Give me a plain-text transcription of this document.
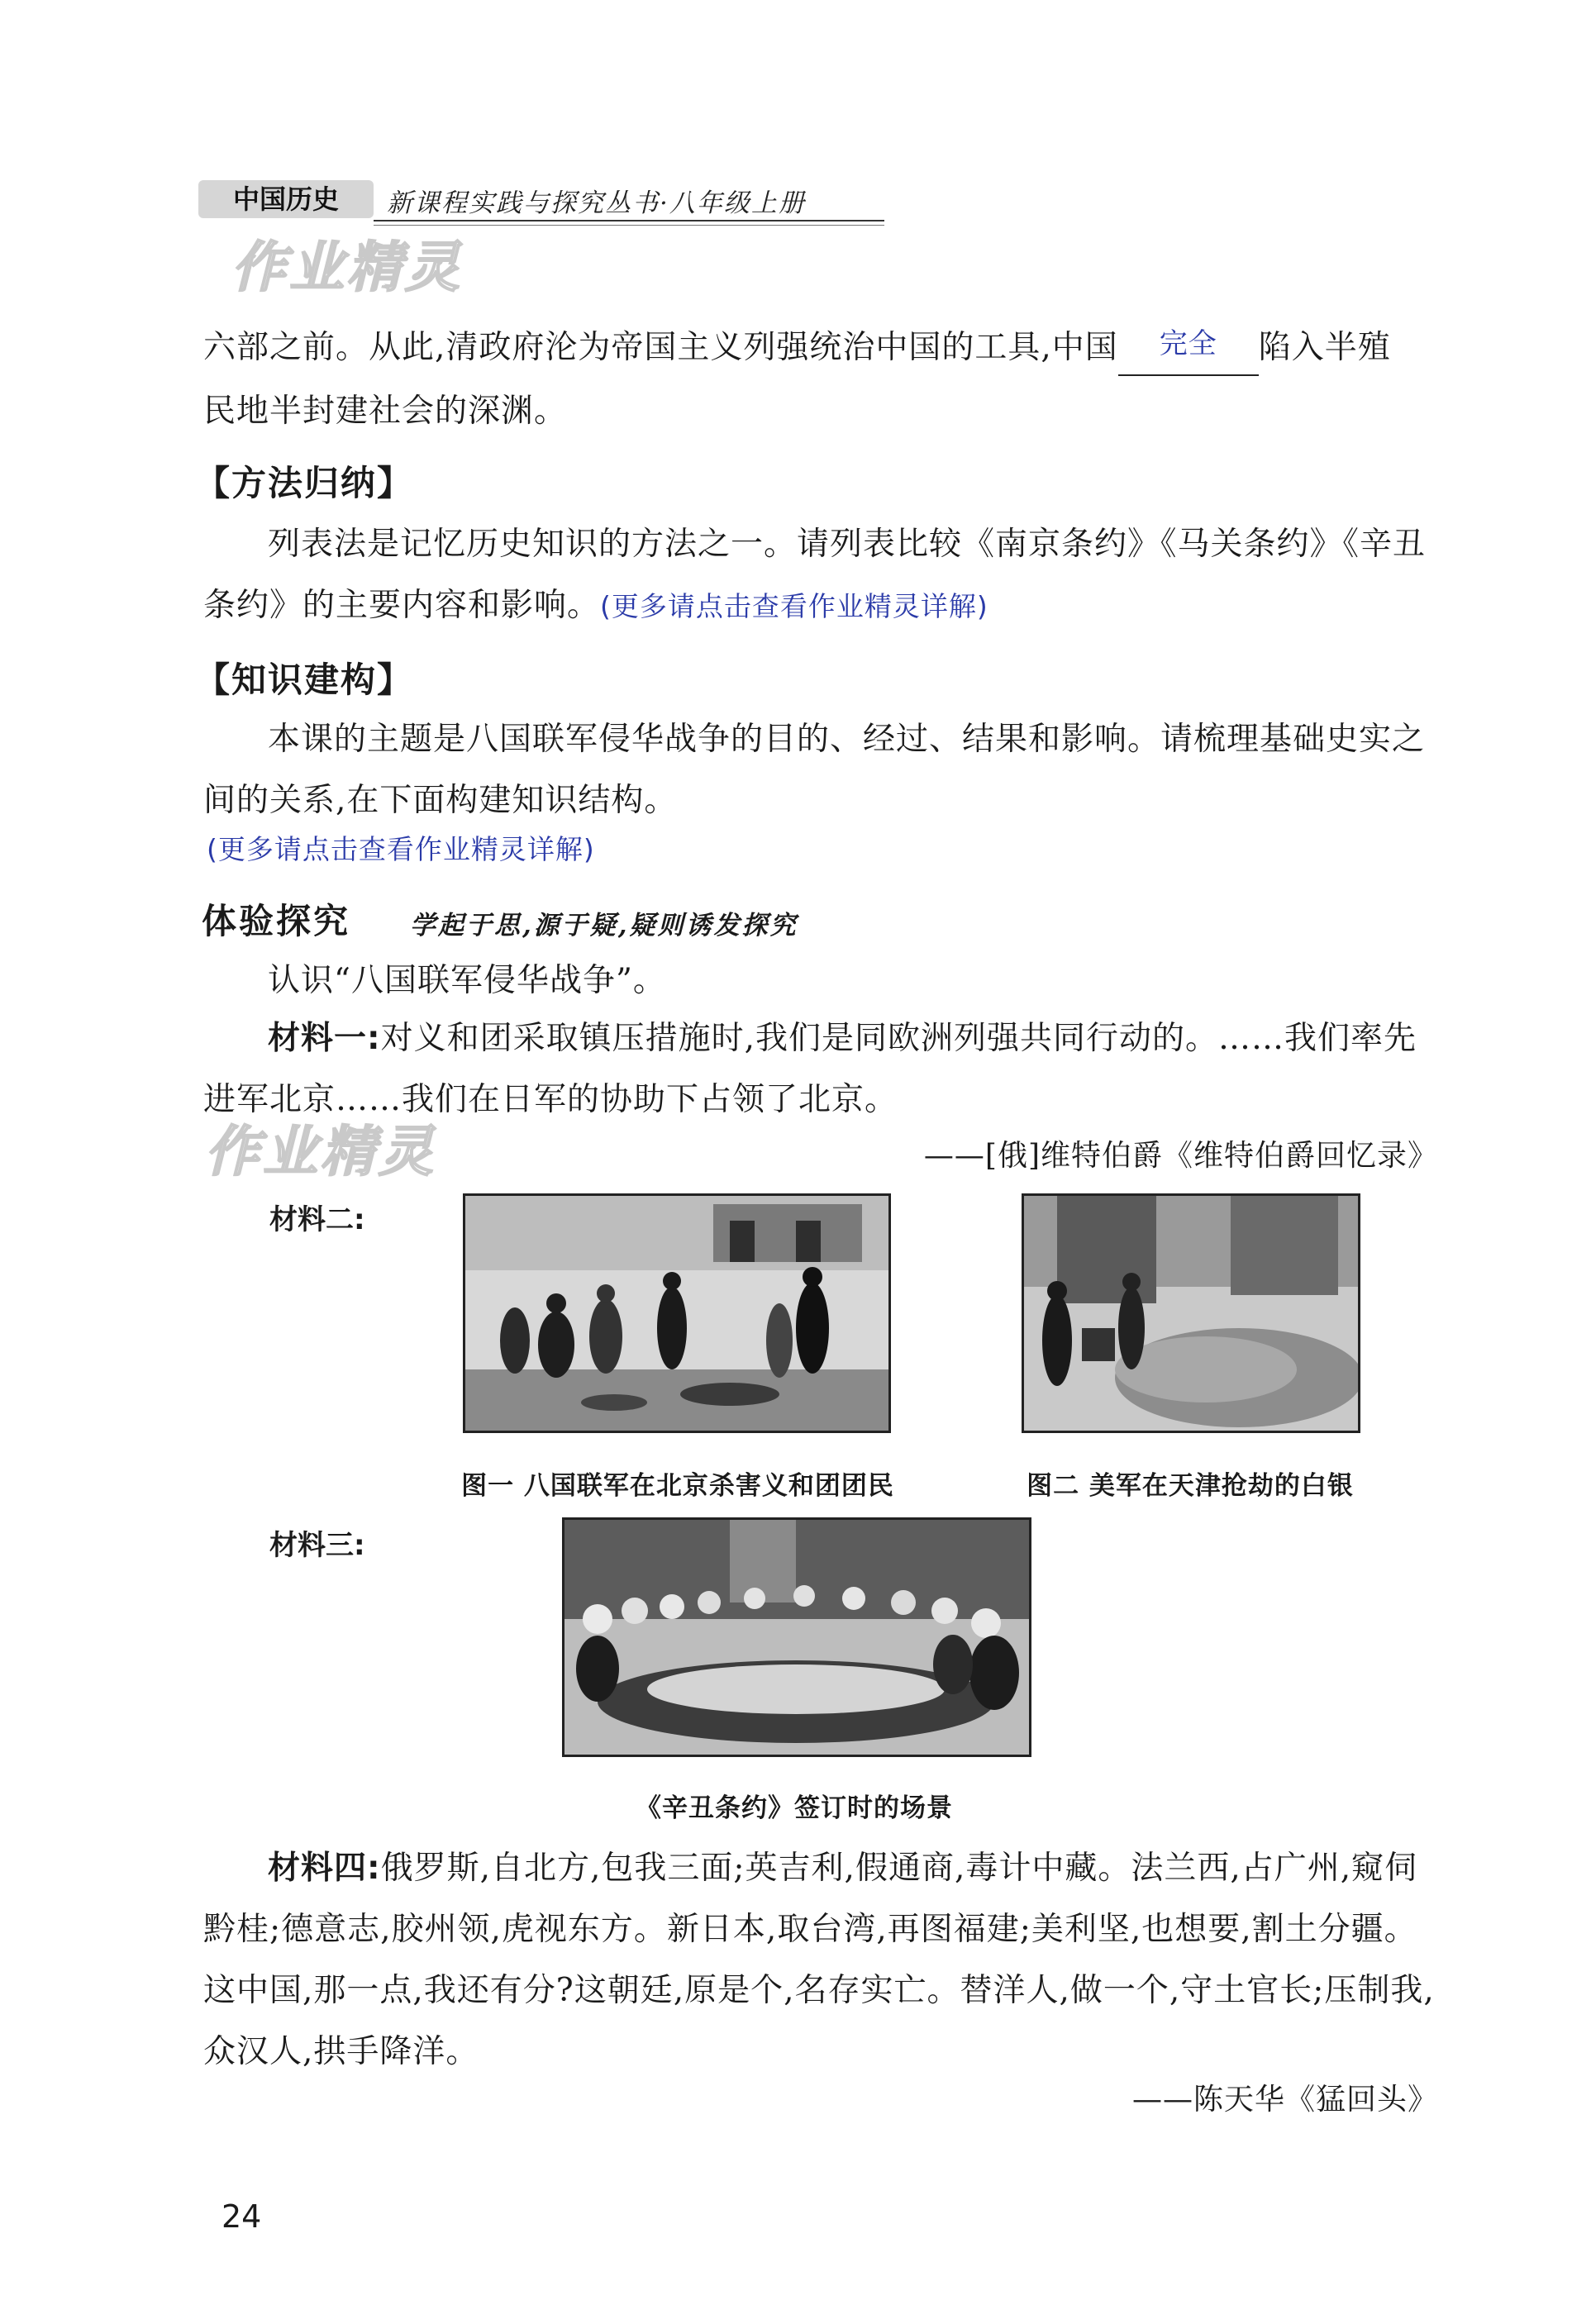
中国历史	新课程实践与探究丛书·八年级上册
作业精灵
六部之前。从此,清政府沦为帝国主义列强统治中国的工具,中国 完全 陷入半殖
民地半封建社会的深渊。
【方法归纳】
列表法是记忆历史知识的方法之一。请列表比较《南京条约》《马关条约》《辛丑条约》的主要内容和影响。(更多请点击查看作业精灵详解)
【知识建构】
本课的主题是八国联军侵华战争的目的、经过、结果和影响。请梳理基础史实之间的关系,在下面构建知识结构。
(更多请点击查看作业精灵详解)
体验探究 学起于思,源于疑,疑则诱发探究
认识“八国联军侵华战争”。
材料一:对义和团采取镇压措施时,我们是同欧洲列强共同行动的。……我们率先进军北京……我们在日军的协助下占领了北京。
作业精灵	——[俄]维特伯爵《维特伯爵回忆录》
材料二:
图一 八国联军在北京杀害义和团团民	图二 美军在天津抢劫的白银
材料三:
《辛丑条约》签订时的场景
材料四:俄罗斯,自北方,包我三面;英吉利,假通商,毒计中藏。法兰西,占广州,窥伺黔桂;德意志,胶州领,虎视东方。新日本,取台湾,再图福建;美利坚,也想要,割土分疆。这中国,那一点,我还有分?这朝廷,原是个,名存实亡。替洋人,做一个,守土官长;压制我,众汉人,拱手降洋。
——陈天华《猛回头》
24
